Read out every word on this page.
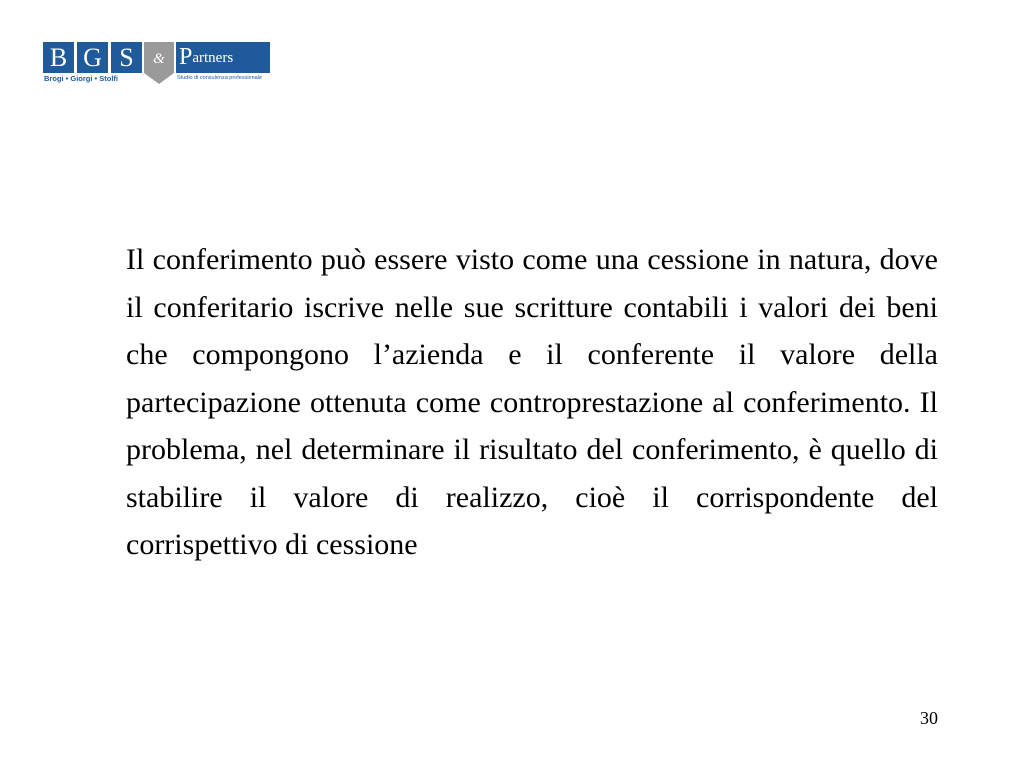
B G S	& Partners
Brogi • Giorgi • Stolfi	Studio di consulenza professionale

Il conferimento può essere visto come una cessione in natura, dove il conferitario iscrive nelle sue scritture contabili i valori dei beni che compongono l’azienda e il conferente il valore della partecipazione ottenuta come controprestazione al conferimento. Il problema, nel determinare il risultato del conferimento, è quello di stabilire il valore di realizzo, cioè il corrispondente del corrispettivo di cessione

30
